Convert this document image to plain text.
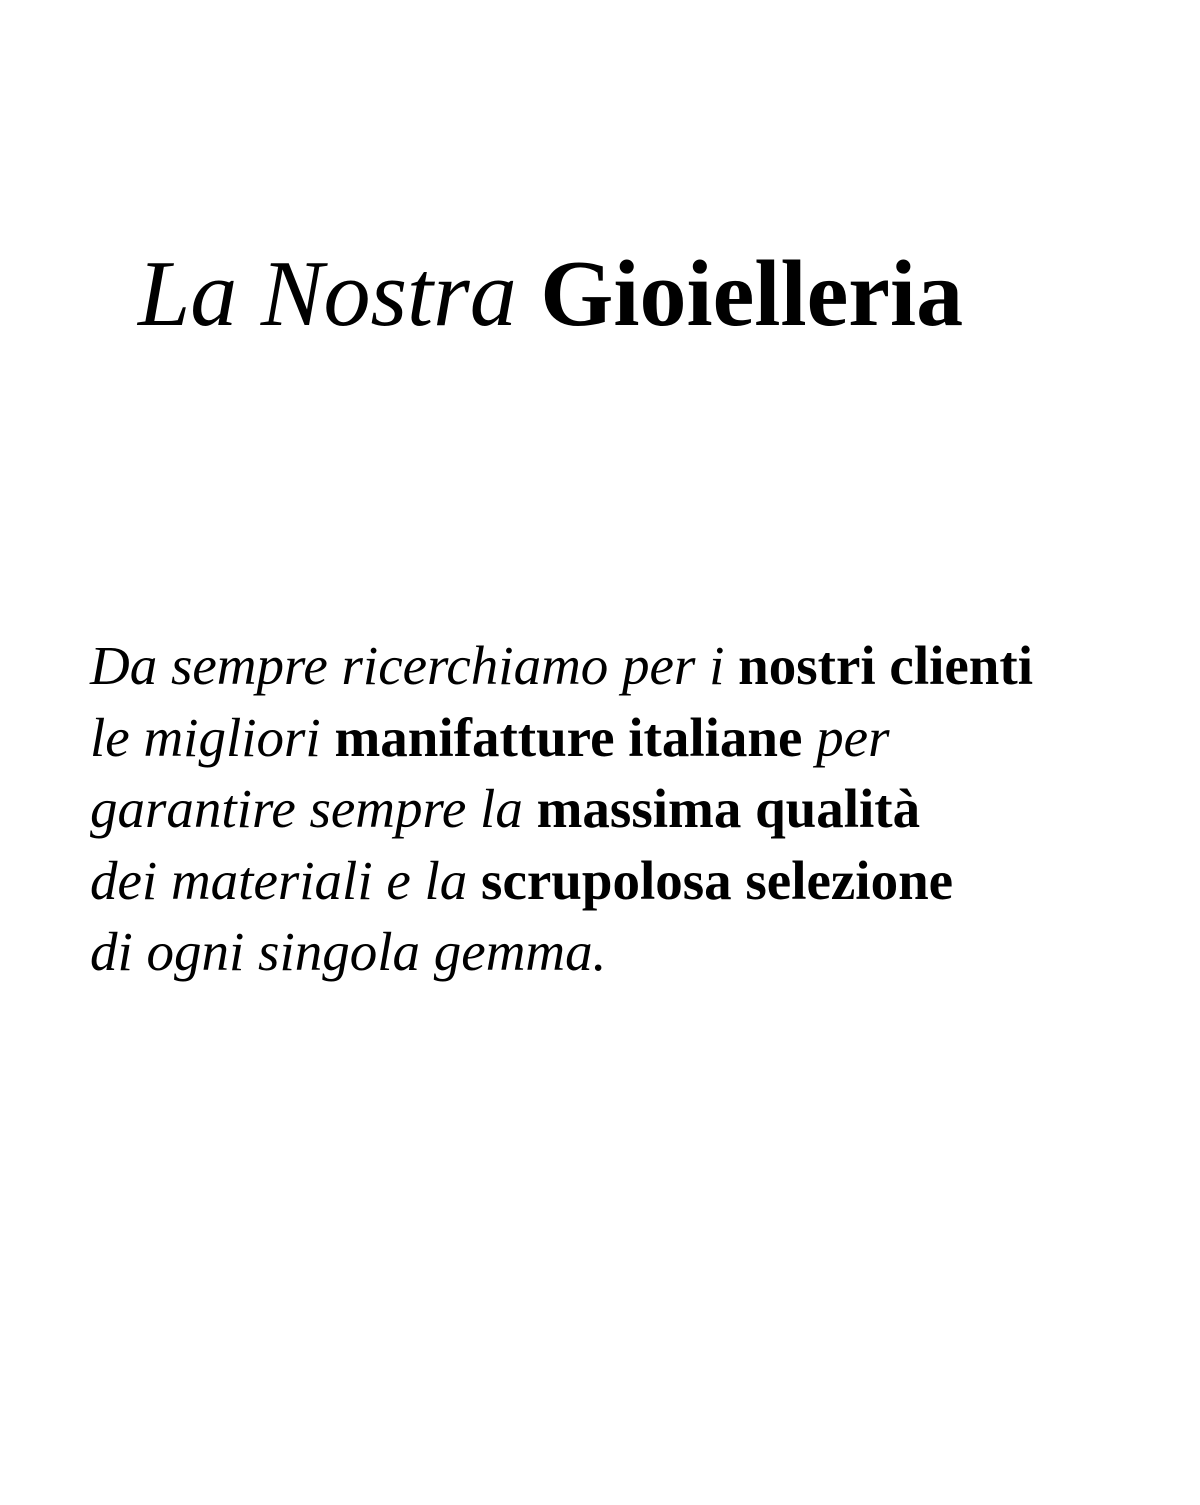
La Nostra Gioielleria

Da sempre ricerchiamo per i nostri clienti
le migliori manifatture italiane per
garantire sempre la massima qualità
dei materiali e la scrupolosa selezione
di ogni singola gemma.
